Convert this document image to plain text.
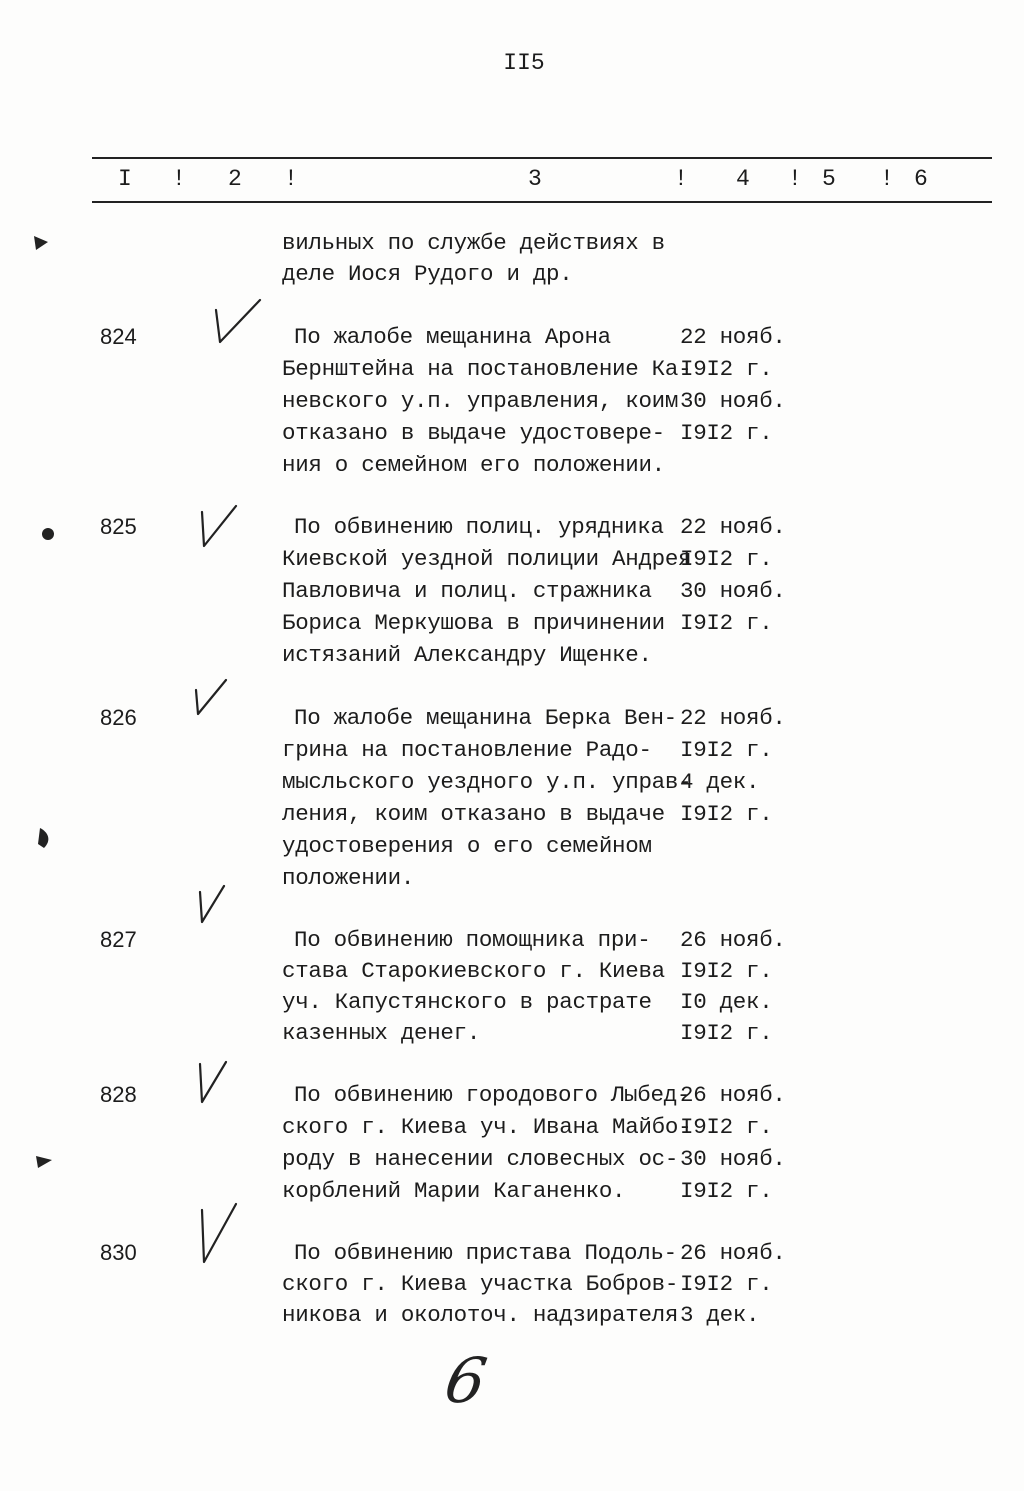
II5
I ! 2 !	3	! 4 ! 5 ! 6
вильных по службе действиях в
деле Иося Рудого и др.
824	По жалобе мещанина Арона
Бернштейна на постановление Ка-
невского у.п. управления, коим
отказано в выдаче удостовере-
ния о семейном его положении.
22 нояб.
I9I2 г.
30 нояб.
I9I2 г.
825	По обвинению полиц. урядника
Киевской уездной полиции Андрея
Павловича и полиц. стражника
Бориса Меркушова в причинении
истязаний Александру Ищенке.
22 нояб.
I9I2 г.
30 нояб.
I9I2 г.
826	По жалобе мещанина Берка Вен-
грина на постановление Радо-
мысльского уездного у.п. управ-
ления, коим отказано в выдаче
удостоверения о его семейном
положении.
22 нояб.
I9I2 г.
4 дек.
I9I2 г.
827	По обвинению помощника при-
става Старокиевского г. Киева
уч. Капустянского в растрате
казенных денег.
26 нояб.
I9I2 г.
I0 дек.
I9I2 г.
828	По обвинению городового Лыбед-
ского г. Киева уч. Ивана Майбо-
роду в нанесении словесных ос-
корблений Марии Каганенко.
26 нояб.
I9I2 г.
30 нояб.
I9I2 г.
830	По обвинению пристава Подоль-
ского г. Киева участка Бобров-
никова и околоточ. надзирателя
26 нояб.
I9I2 г.
3 дек.
6
